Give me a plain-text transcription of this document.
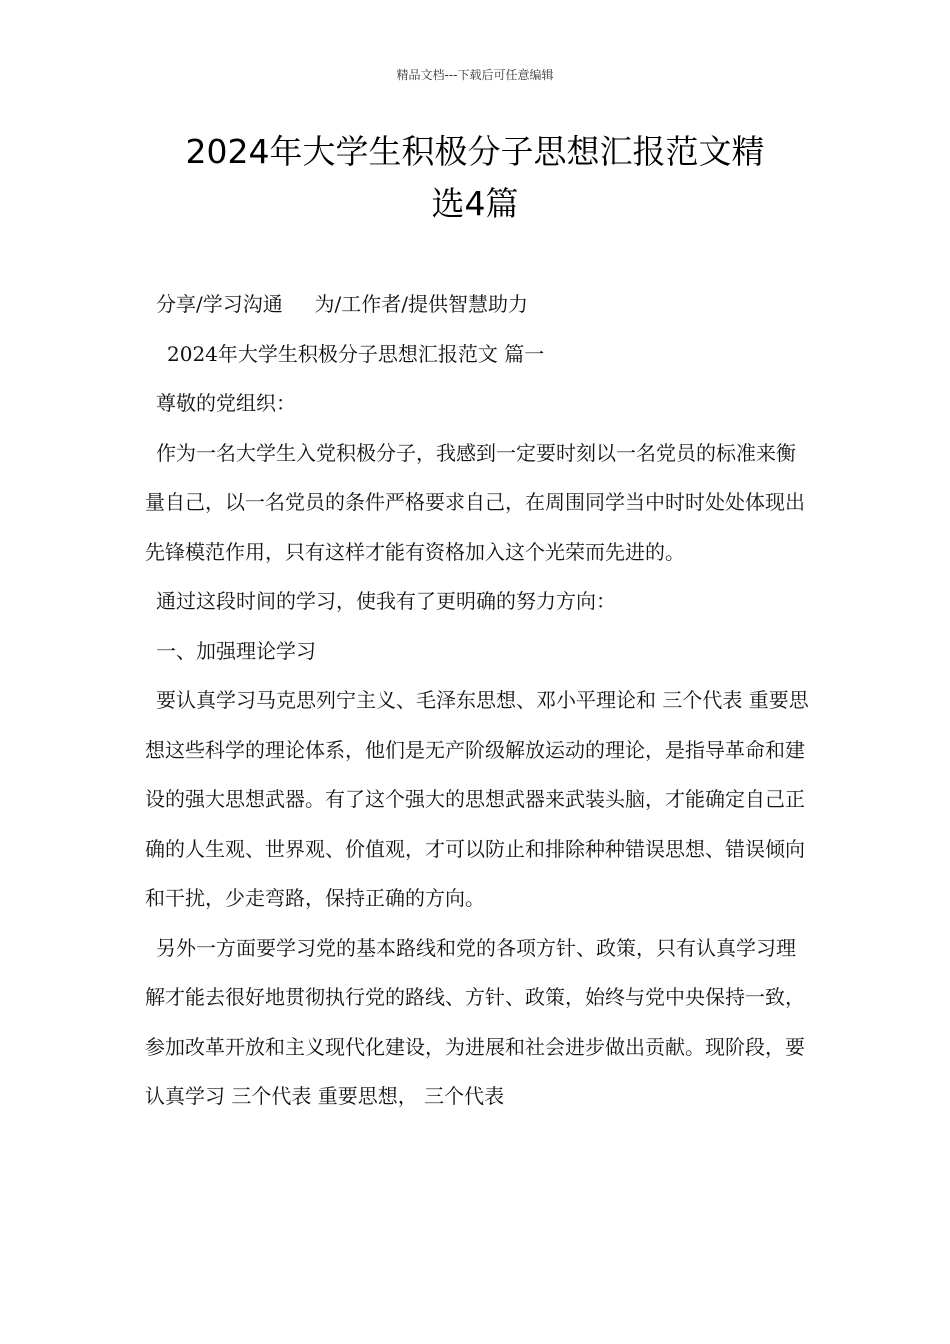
精品文档---下载后可任意编辑
2024年大学生积极分子思想汇报范文精
选4篇

分享/学习沟通     为/工作者/提供智慧助力

2024年大学生积极分子思想汇报范文 篇一

尊敬的党组织：

作为一名大学生入党积极分子，我感到一定要时刻以一名党员的标准来衡量自己，以一名党员的条件严格要求自己，在周围同学当中时时处处体现出先锋模范作用，只有这样才能有资格加入这个光荣而先进的。

通过这段时间的学习，使我有了更明确的努力方向：

一、加强理论学习

要认真学习马克思列宁主义、毛泽东思想、邓小平理论和 三个代表 重要思想这些科学的理论体系，他们是无产阶级解放运动的理论，是指导革命和建设的强大思想武器。有了这个强大的思想武器来武装头脑，才能确定自己正确的人生观、世界观、价值观，才可以防止和排除种种错误思想、错误倾向和干扰，少走弯路，保持正确的方向。

另外一方面要学习党的基本路线和党的各项方针、政策，只有认真学习理解才能去很好地贯彻执行党的路线、方针、政策，始终与党中央保持一致，参加改革开放和主义现代化建设，为进展和社会进步做出贡献。现阶段，要认真学习 三个代表 重要思想， 三个代表
